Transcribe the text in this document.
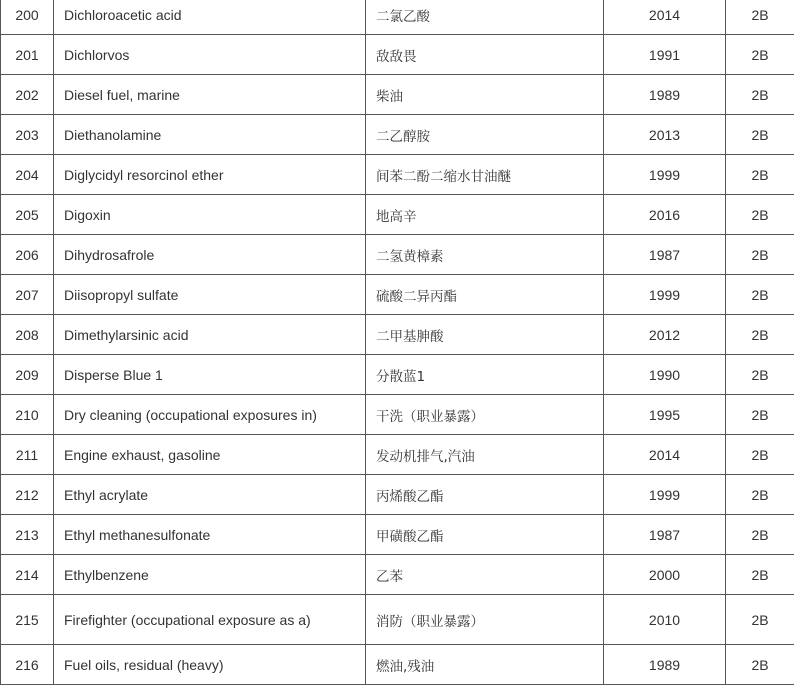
200	Dichloroacetic acid	二氯乙酸	2014	2B
201	Dichlorvos	敌敌畏	1991	2B
202	Diesel fuel, marine	柴油	1989	2B
203	Diethanolamine	二乙醇胺	2013	2B
204	Diglycidyl resorcinol ether	间苯二酚二缩水甘油醚	1999	2B
205	Digoxin	地高辛	2016	2B
206	Dihydrosafrole	二氢黄樟素	1987	2B
207	Diisopropyl sulfate	硫酸二异丙酯	1999	2B
208	Dimethylarsinic acid	二甲基胂酸	2012	2B
209	Disperse Blue 1	分散蓝1	1990	2B
210	Dry cleaning (occupational exposures in)	干洗（职业暴露）	1995	2B
211	Engine exhaust, gasoline	发动机排气,汽油	2014	2B
212	Ethyl acrylate	丙烯酸乙酯	1999	2B
213	Ethyl methanesulfonate	甲磺酸乙酯	1987	2B
214	Ethylbenzene	乙苯	2000	2B
215	Firefighter (occupational exposure as a)	消防（职业暴露）	2010	2B
216	Fuel oils, residual (heavy)	燃油,残油	1989	2B
